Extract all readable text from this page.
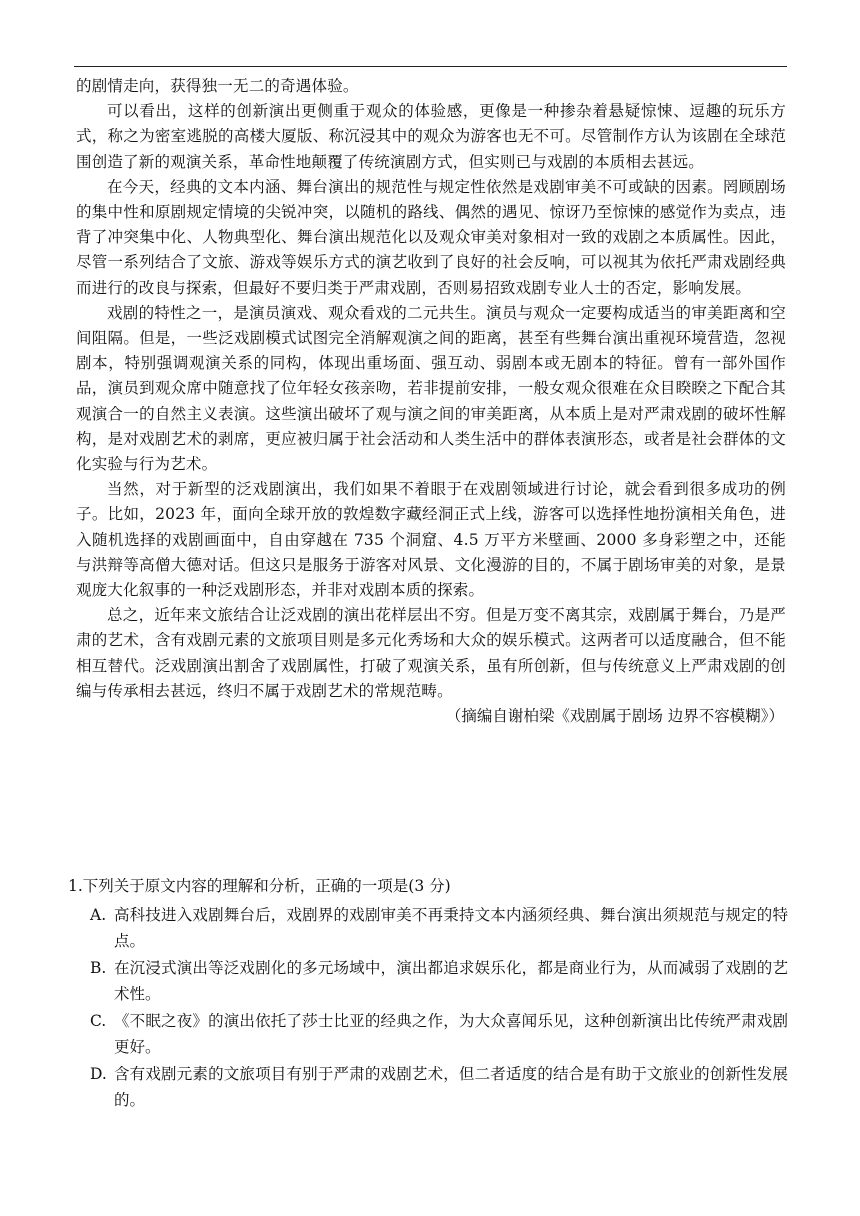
的剧情走向，获得独一无二的奇遇体验。

可以看出，这样的创新演出更侧重于观众的体验感，更像是一种掺杂着悬疑惊悚、逗趣的玩乐方式，称之为密室逃脱的高楼大厦版、称沉浸其中的观众为游客也无不可。尽管制作方认为该剧在全球范围创造了新的观演关系，革命性地颠覆了传统演剧方式，但实则已与戏剧的本质相去甚远。

在今天，经典的文本内涵、舞台演出的规范性与规定性依然是戏剧审美不可或缺的因素。罔顾剧场的集中性和原剧规定情境的尖锐冲突，以随机的路线、偶然的遇见、惊讶乃至惊悚的感觉作为卖点，违背了冲突集中化、人物典型化、舞台演出规范化以及观众审美对象相对一致的戏剧之本质属性。因此，尽管一系列结合了文旅、游戏等娱乐方式的演艺收到了良好的社会反响，可以视其为依托严肃戏剧经典而进行的改良与探索，但最好不要归类于严肃戏剧，否则易招致戏剧专业人士的否定，影响发展。

戏剧的特性之一，是演员演戏、观众看戏的二元共生。演员与观众一定要构成适当的审美距离和空间阻隔。但是，一些泛戏剧模式试图完全消解观演之间的距离，甚至有些舞台演出重视环境营造，忽视剧本，特别强调观演关系的同构，体现出重场面、强互动、弱剧本或无剧本的特征。曾有一部外国作品，演员到观众席中随意找了位年轻女孩亲吻，若非提前安排，一般女观众很难在众目睽睽之下配合其观演合一的自然主义表演。这些演出破坏了观与演之间的审美距离，从本质上是对严肃戏剧的破坏性解构，是对戏剧艺术的剥席，更应被归属于社会活动和人类生活中的群体表演形态，或者是社会群体的文化实验与行为艺术。

当然，对于新型的泛戏剧演出，我们如果不着眼于在戏剧领域进行讨论，就会看到很多成功的例子。比如，2023 年，面向全球开放的敦煌数字藏经洞正式上线，游客可以选择性地扮演相关角色，进入随机选择的戏剧画面中，自由穿越在 735 个洞窟、4.5 万平方米壁画、2000 多身彩塑之中，还能与洪辩等高僧大德对话。但这只是服务于游客对风景、文化漫游的目的，不属于剧场审美的对象，是景观庞大化叙事的一种泛戏剧形态，并非对戏剧本质的探索。

总之，近年来文旅结合让泛戏剧的演出花样层出不穷。但是万变不离其宗，戏剧属于舞台，乃是严肃的艺术，含有戏剧元素的文旅项目则是多元化秀场和大众的娱乐模式。这两者可以适度融合，但不能相互替代。泛戏剧演出割舍了戏剧属性，打破了观演关系，虽有所创新，但与传统意义上严肃戏剧的创编与传承相去甚远，终归不属于戏剧艺术的常规范畴。

（摘编自谢柏梁《戏剧属于剧场 边界不容模糊》）

1.下列关于原文内容的理解和分析，正确的一项是(3 分)

A. 高科技进入戏剧舞台后，戏剧界的戏剧审美不再秉持文本内涵须经典、舞台演出须规范与规定的特点。
B. 在沉浸式演出等泛戏剧化的多元场域中，演出都追求娱乐化，都是商业行为，从而减弱了戏剧的艺术性。
C. 《不眠之夜》的演出依托了莎士比亚的经典之作，为大众喜闻乐见，这种创新演出比传统严肃戏剧更好。
D. 含有戏剧元素的文旅项目有别于严肃的戏剧艺术，但二者适度的结合是有助于文旅业的创新性发展的。
